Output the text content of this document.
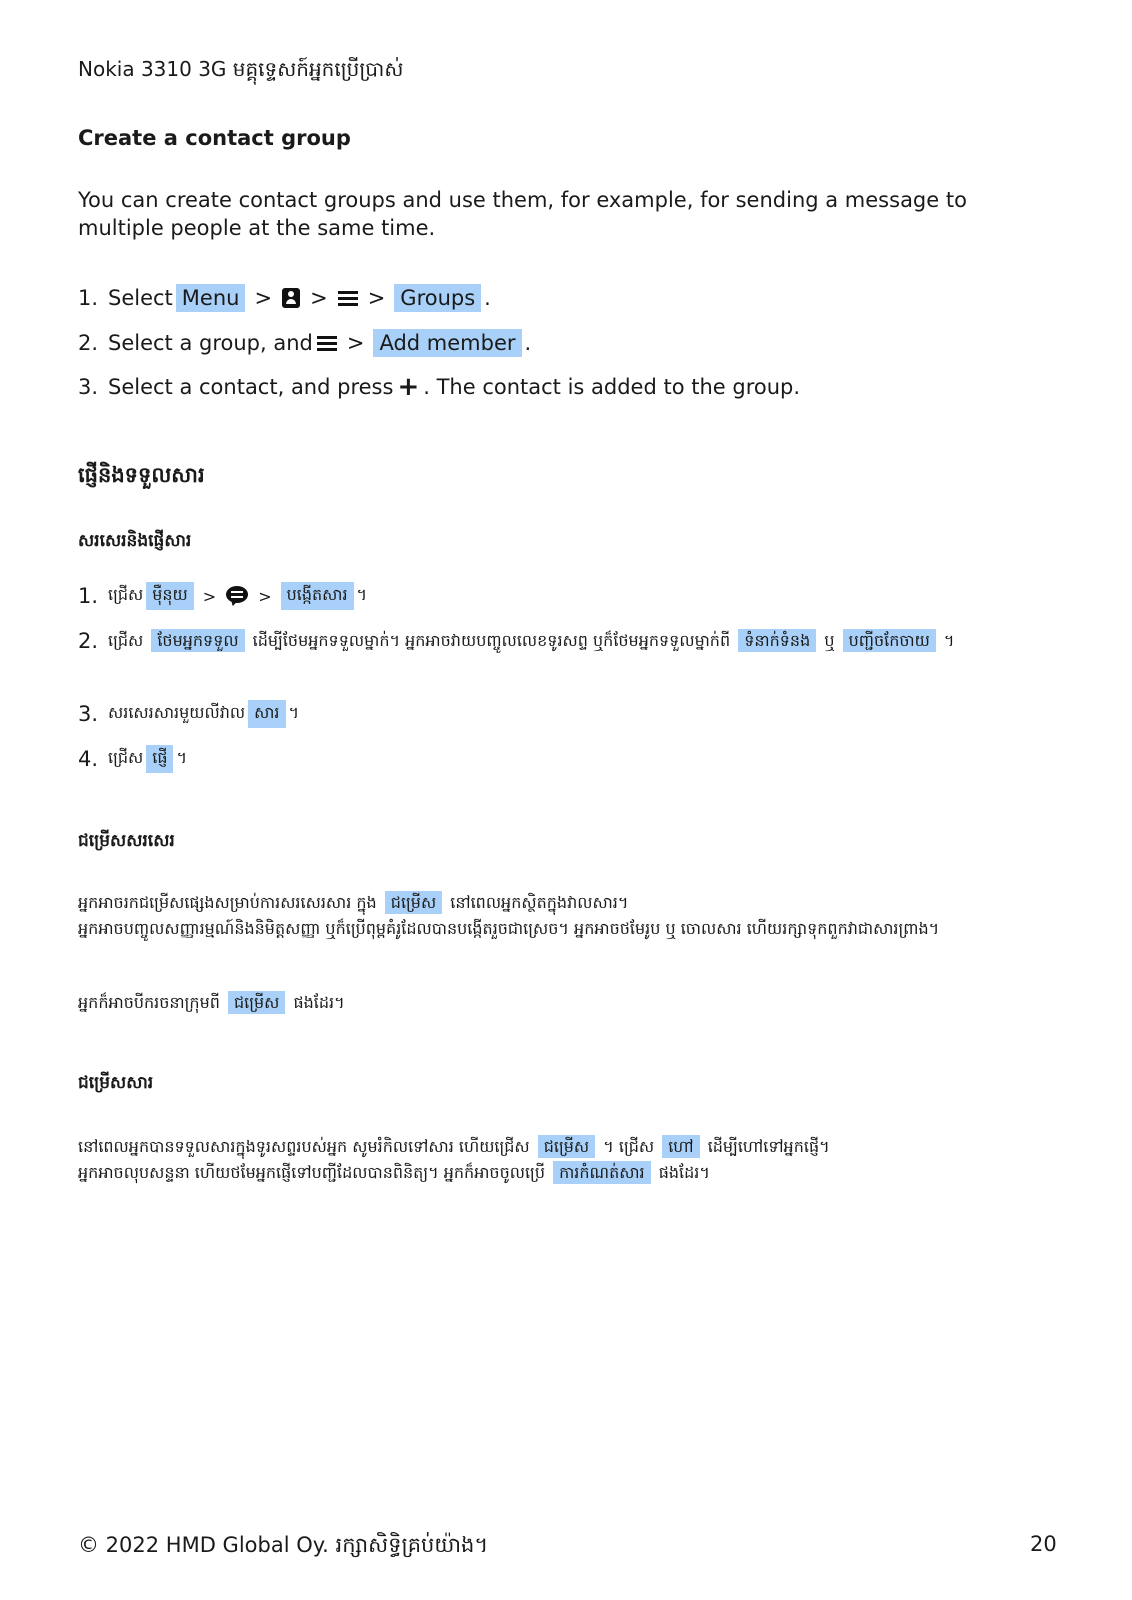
Nokia 3310 3G មគ្គុទ្ទេសក៍អ្នកប្រើប្រាស់
Create a contact group
You can create contact groups and use them, for example, for sending a message to multiple people at the same time.
1. Select Menu > > > Groups .
2. Select a group, and > Add member .
3. Select a contact, and press + . The contact is added to the group.
ផ្ញើនិងទទួលសារ
សរសេរនិងផ្ញើសារ
1. ជ្រើស ម៉ឺនុយ >	> បង្កើតសារ ។
2. ជ្រើស ថែមអ្នកទទួល ដើម្បីថែមអ្នកទទួលម្នាក់។ អ្នកអាចវាយបញ្ចូលលេខទូរសព្ទ ឬក៏ថែមអ្នកទទួលម្នាក់ពី ទំនាក់ទំនង ឬ បញ្ជីចកែចាយ ។
3. សរសេរសារមួយលីវាល សារ ។
4. ជ្រើស ផ្ញើ ។
ជម្រើសសរសេរ
អ្នកអាចរកជម្រើសផ្សេងសម្រាប់ការសរសេរសារ ក្នុង ជម្រើស នៅពេលអ្នកស្ថិតក្នុងវាលសារ។
អ្នកអាចបញ្ចូលសញ្ញារម្មណ៍និងនិមិត្តសញ្ញា ឬក៏ប្រើពុម្ពគំរូដែលបានបង្កើតរួចជាស្រេច។ អ្នកអាចថមែរូប ឬ ចោលសារ ហើយរក្សាទុកពួកវាជាសារព្រាង។
អ្នកក៏អាចបីករចនាក្រុមពី ជម្រើស ផងដែរ។
ជម្រើសសារ
នៅពេលអ្នកបានទទួលសារក្នុងទូរសព្ទរបស់អ្នក សូមរំកិលទៅសារ ហើយជ្រើស ជម្រើស ។ ជ្រើស ហៅ ដើម្បីហៅទៅអ្នកផ្ញើ។
អ្នកអាចលុបសន្ទនា ហើយថមែអ្នកផ្ញើទៅបញ្ជីដែលបានពិនិត្យ។ អ្នកក៏អាចចូលប្រើ ការកំណត់សារ ផងដែរ។
© 2022 HMD Global Oy. រក្សាសិទ្ធិគ្រប់យ៉ាង។	20
